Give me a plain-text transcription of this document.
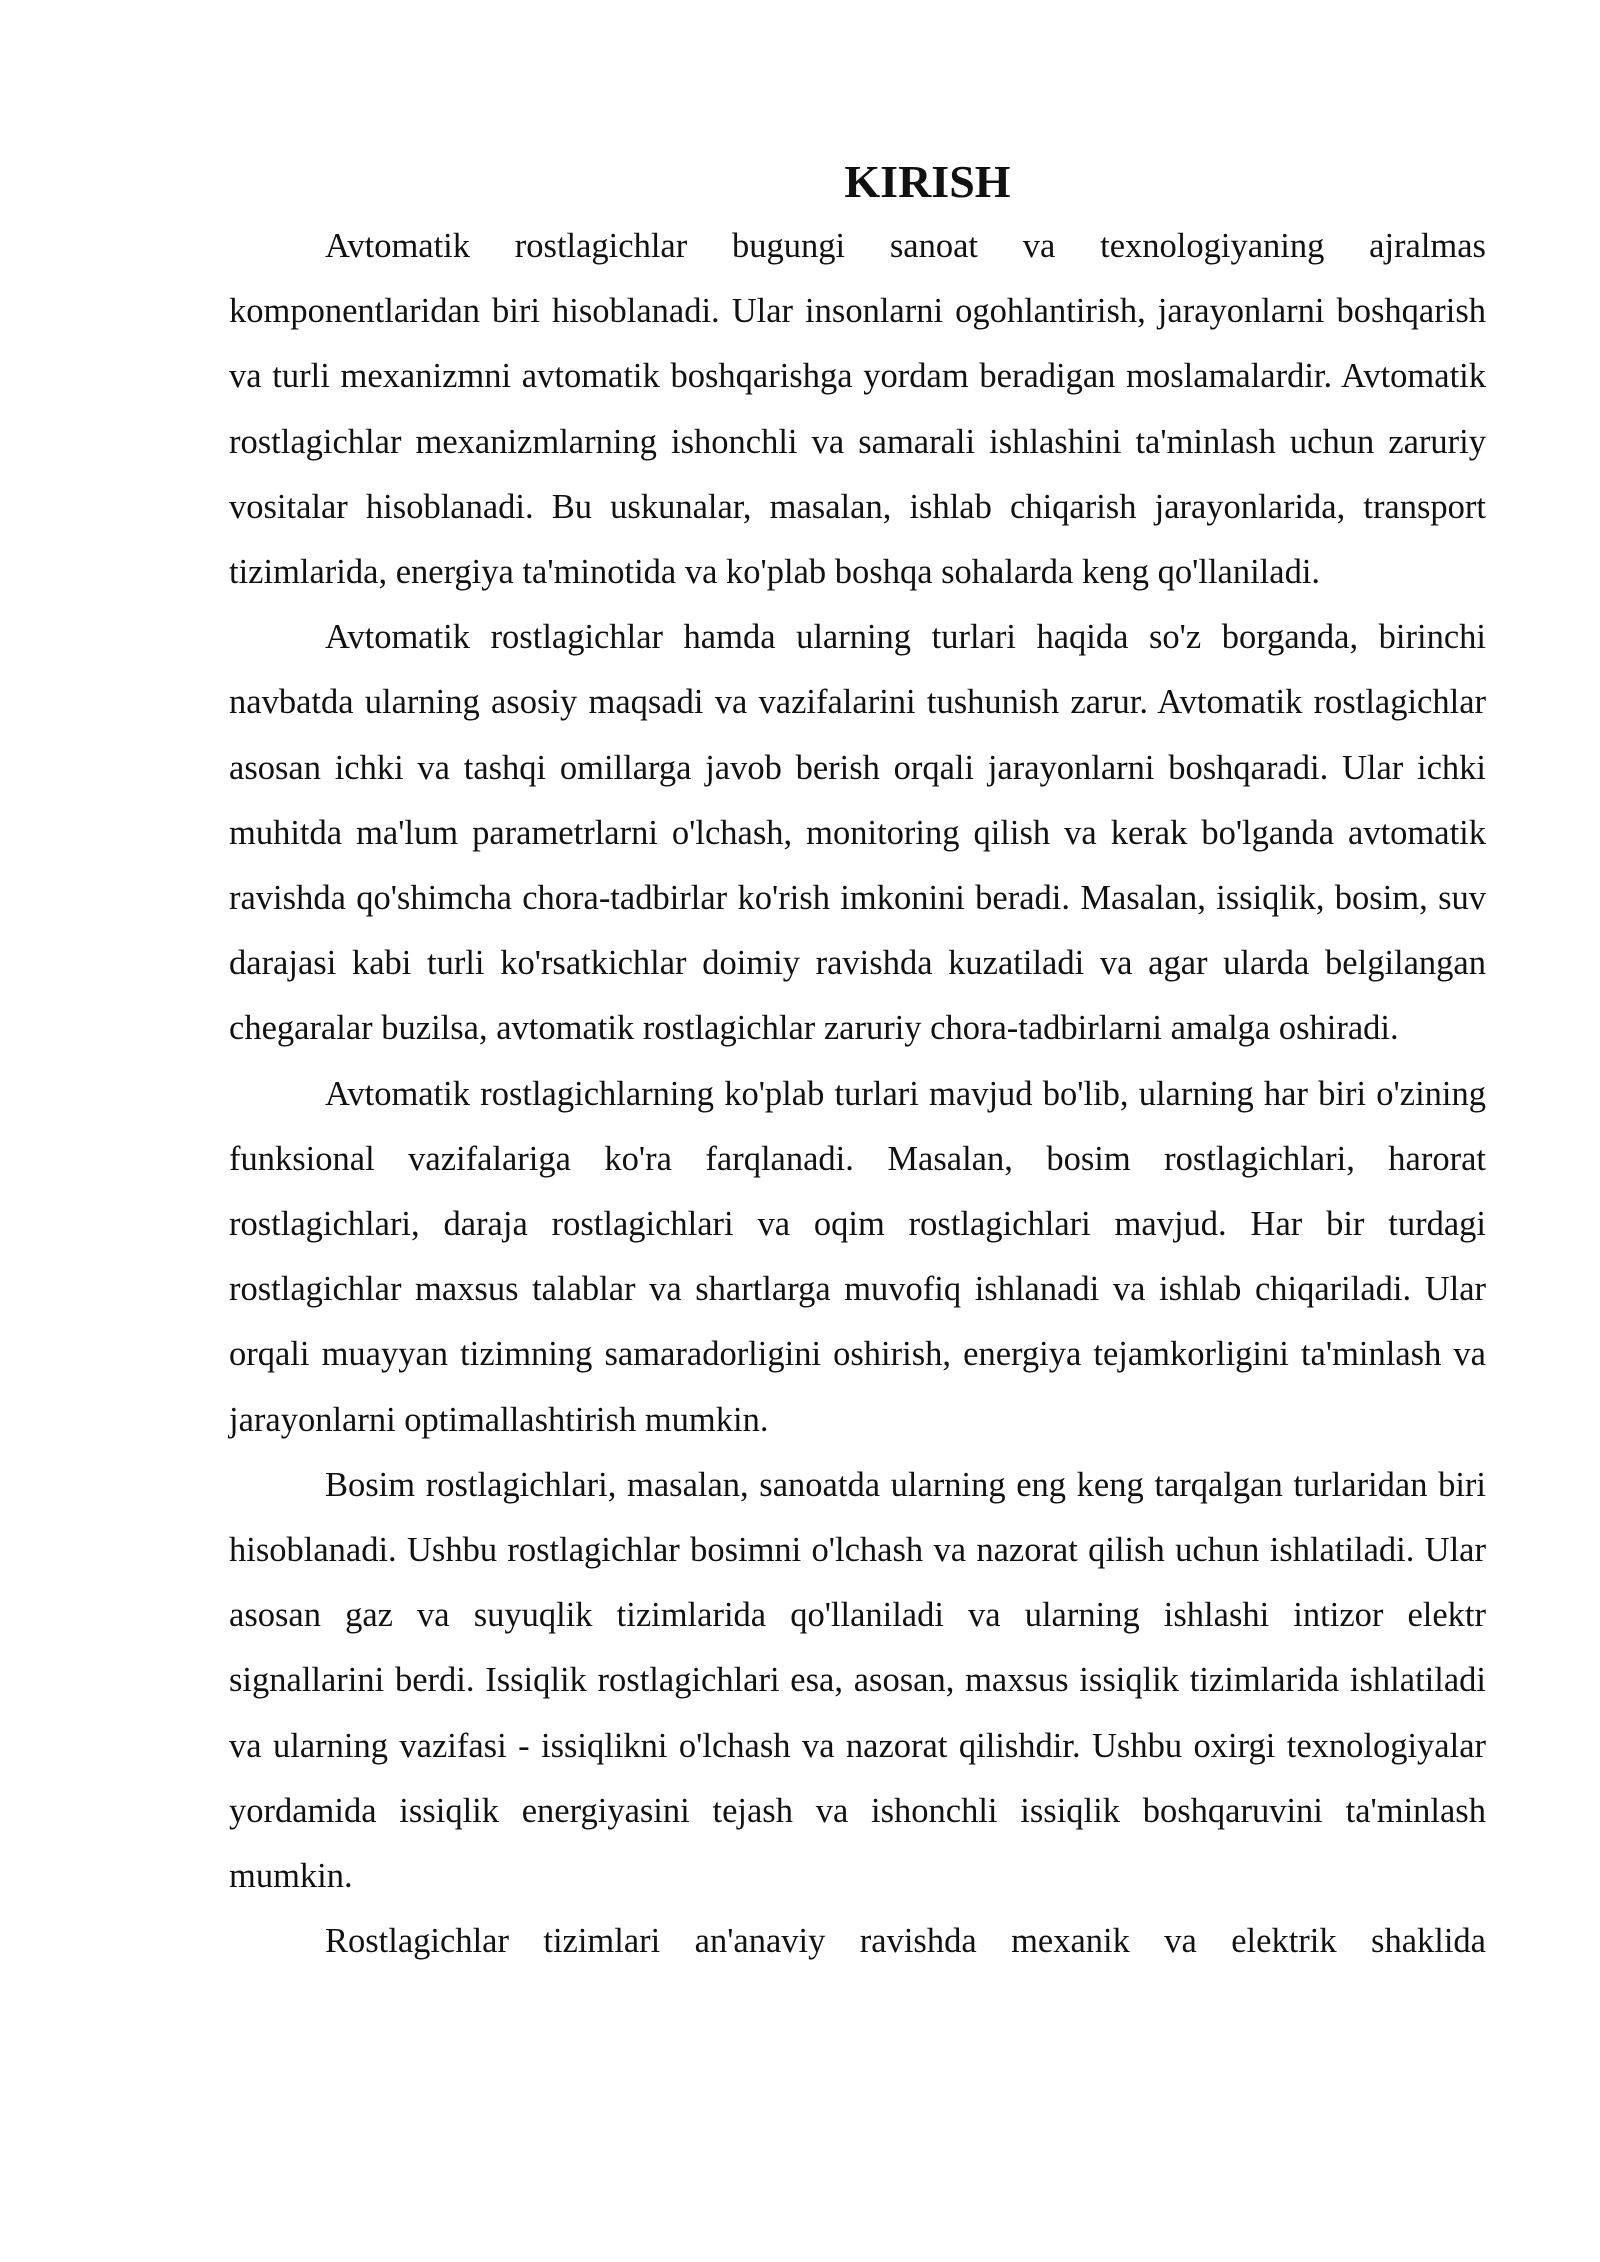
KIRISH

Avtomatik rostlagichlar bugungi sanoat va texnologiyaning ajralmas komponentlaridan biri hisoblanadi. Ular insonlarni ogohlantirish, jarayonlarni boshqarish va turli mexanizmni avtomatik boshqarishga yordam beradigan moslamalardir. Avtomatik rostlagichlar mexanizmlarning ishonchli va samarali ishlashini ta'minlash uchun zaruriy vositalar hisoblanadi. Bu uskunalar, masalan, ishlab chiqarish jarayonlarida, transport tizimlarida, energiya ta'minotida va ko'plab boshqa sohalarda keng qo'llaniladi.

Avtomatik rostlagichlar hamda ularning turlari haqida so'z borganda, birinchi navbatda ularning asosiy maqsadi va vazifalarini tushunish zarur. Avtomatik rostlagichlar asosan ichki va tashqi omillarga javob berish orqali jarayonlarni boshqaradi. Ular ichki muhitda ma'lum parametrlarni o'lchash, monitoring qilish va kerak bo'lganda avtomatik ravishda qo'shimcha chora-tadbirlar ko'rish imkonini beradi. Masalan, issiqlik, bosim, suv darajasi kabi turli ko'rsatkichlar doimiy ravishda kuzatiladi va agar ularda belgilangan chegaralar buzilsa, avtomatik rostlagichlar zaruriy chora-tadbirlarni amalga oshiradi.

Avtomatik rostlagichlarning ko'plab turlari mavjud bo'lib, ularning har biri o'zining funksional vazifalariga ko'ra farqlanadi. Masalan, bosim rostlagichlari, harorat rostlagichlari, daraja rostlagichlari va oqim rostlagichlari mavjud. Har bir turdagi rostlagichlar maxsus talablar va shartlarga muvofiq ishlanadi va ishlab chiqariladi. Ular orqali muayyan tizimning samaradorligini oshirish, energiya tejamkorligini ta'minlash va jarayonlarni optimallashtirish mumkin.

Bosim rostlagichlari, masalan, sanoatda ularning eng keng tarqalgan turlaridan biri hisoblanadi. Ushbu rostlagichlar bosimni o'lchash va nazorat qilish uchun ishlatiladi. Ular asosan gaz va suyuqlik tizimlarida qo'llaniladi va ularning ishlashi intizor elektr signallarini berdi. Issiqlik rostlagichlari esa, asosan, maxsus issiqlik tizimlarida ishlatiladi va ularning vazifasi - issiqlikni o'lchash va nazorat qilishdir. Ushbu oxirgi texnologiyalar yordamida issiqlik energiyasini tejash va ishonchli issiqlik boshqaruvini ta'minlash mumkin.

Rostlagichlar tizimlari an'anaviy ravishda mexanik va elektrik shaklida
